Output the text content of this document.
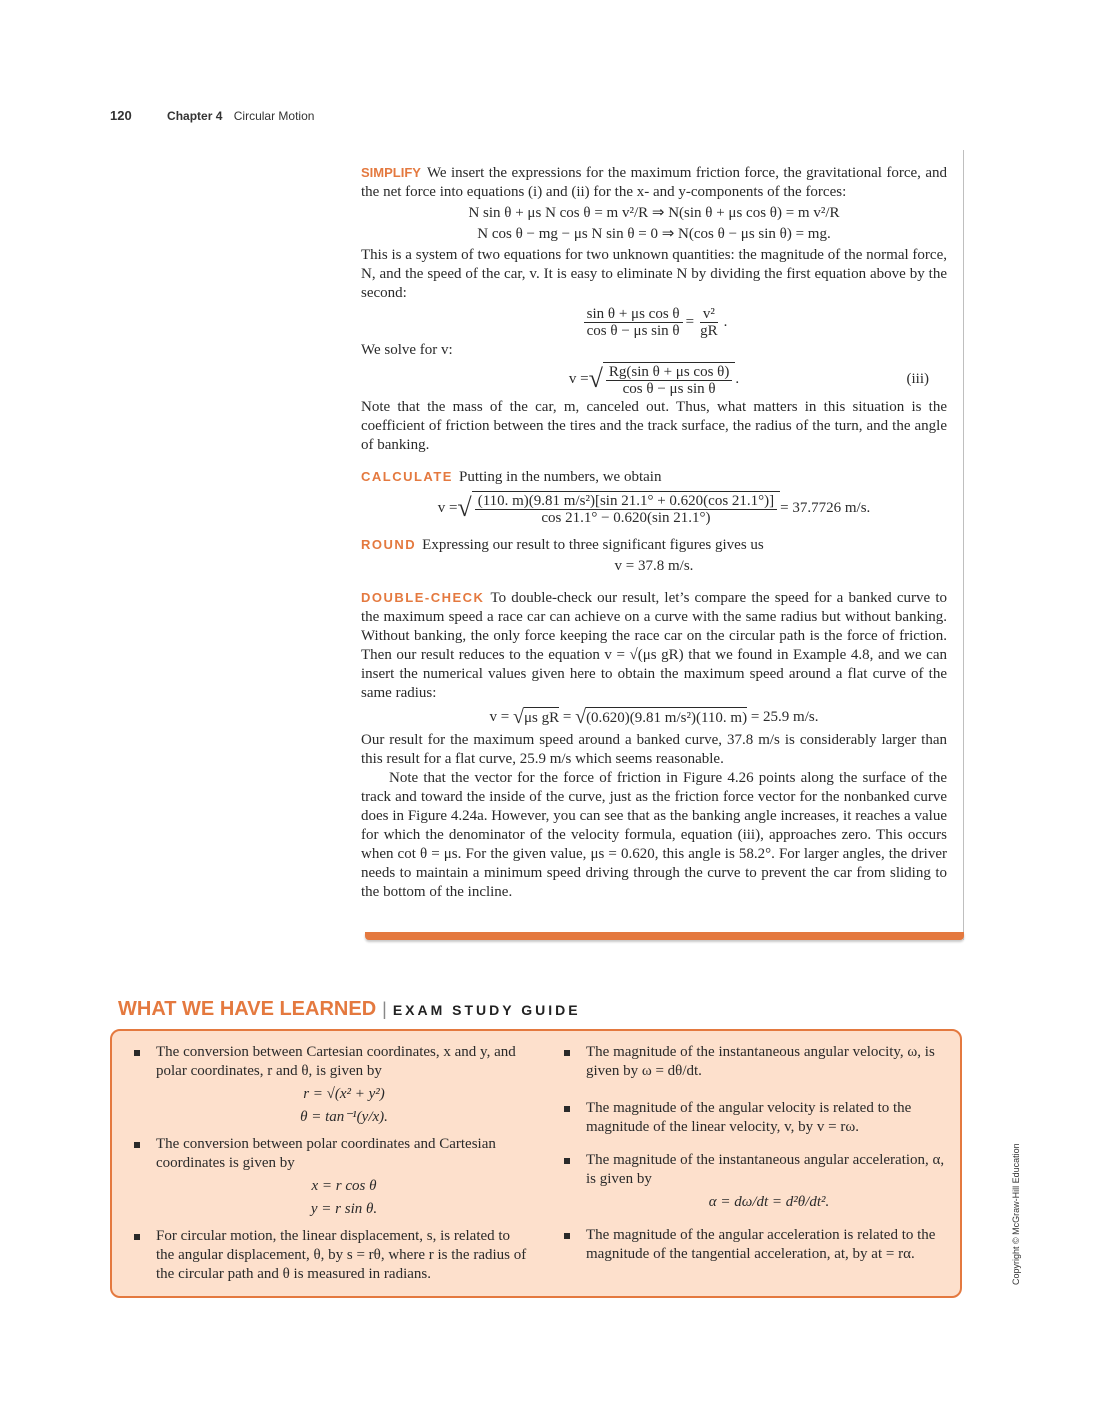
120	Chapter 4 Circular Motion

SIMPLIFY We insert the expressions for the maximum friction force, the gravitational force, and the net force into equations (i) and (ii) for the x- and y-components of the forces:

N sin θ + μs N cos θ = m v²/R ⇒ N(sin θ + μs cos θ) = m v²/R

N cos θ − mg − μs N sin θ = 0 ⇒ N(cos θ − μs sin θ) = mg.

This is a system of two equations for two unknown quantities: the magnitude of the normal force, N, and the speed of the car, v. It is easy to eliminate N by dividing the first equation above by the second:

$\frac{\text{sin θ + μs cos θ}}{\text{cos θ − μs sin θ}} = \frac{\text{v²}}{gR}$ .

We solve for v:

v = √ $\frac{\text{Rg(sin θ + μs cos θ)}}{\text{cos θ − μs sin θ}}$ .	(iii)

Note that the mass of the car, m, canceled out. Thus, what matters in this situation is the coefficient of friction between the tires and the track surface, the radius of the turn, and the angle of banking.

CALCULATE Putting in the numbers, we obtain

v = √ $\frac{\text{(110. m)(9.81 m/s²)[sin 21.1° + 0.620(cos 21.1°)]}}{\cos 21.1^\circ - 0.620(\sin 21.1^\circ)} = 37.7726$ m/s.

ROUND Expressing our result to three significant figures gives us

v = 37.8 m/s.

DOUBLE-CHECK To double-check our result, let’s compare the speed for a banked curve to the maximum speed a race car can achieve on a curve with the same radius but without banking. Without banking, the only force keeping the race car on the circular path is the force of friction. Then our result reduces to the equation v = √(μs gR) that we found in Example 4.8, and we can insert the numerical values given here to obtain the maximum speed around a flat curve of the same radius:

v =
√ μs gR
=
√ (0.620)(9.81 m/s²)(110. m)
= 25.9 m/s.

Our result for the maximum speed around a banked curve, 37.8 m/s is considerably larger than this result for a flat curve, 25.9 m/s which seems reasonable.

Note that the vector for the force of friction in Figure 4.26 points along the surface of the track and toward the inside of the curve, just as the friction force vector for the nonbanked curve does in Figure 4.24a. However, you can see that as the banking angle increases, it reaches a value for which the denominator of the velocity formula, equation (iii), approaches zero. This occurs when cot θ = μs. For the given value, μs = 0.620, this angle is 58.2°. For larger angles, the driver needs to maintain a minimum speed driving through the curve to prevent the car from sliding to the bottom of the incline.

WHAT WE HAVE LEARNED | EXAM STUDY GUIDE

The conversion between Cartesian coordinates, x and y, and polar coordinates, r and θ, is given by

r = √(x² + y²)

θ = tan⁻¹(y/x).

The conversion between polar coordinates and Cartesian coordinates is given by

x = r cos θ

y = r sin θ.

For circular motion, the linear displacement, s, is related to the angular displacement, θ, by s = rθ, where r is the radius of the circular path and θ is measured in radians.

The magnitude of the instantaneous angular velocity, ω, is given by ω = dθ/dt.

The magnitude of the angular velocity is related to the magnitude of the linear velocity, v, by v = rω.

The magnitude of the instantaneous angular acceleration, α, is given by

α = dω/dt = d²θ/dt².

The magnitude of the angular acceleration is related to the magnitude of the tangential acceleration, at, by at = rα.	Copyright © McGraw-Hill Education
